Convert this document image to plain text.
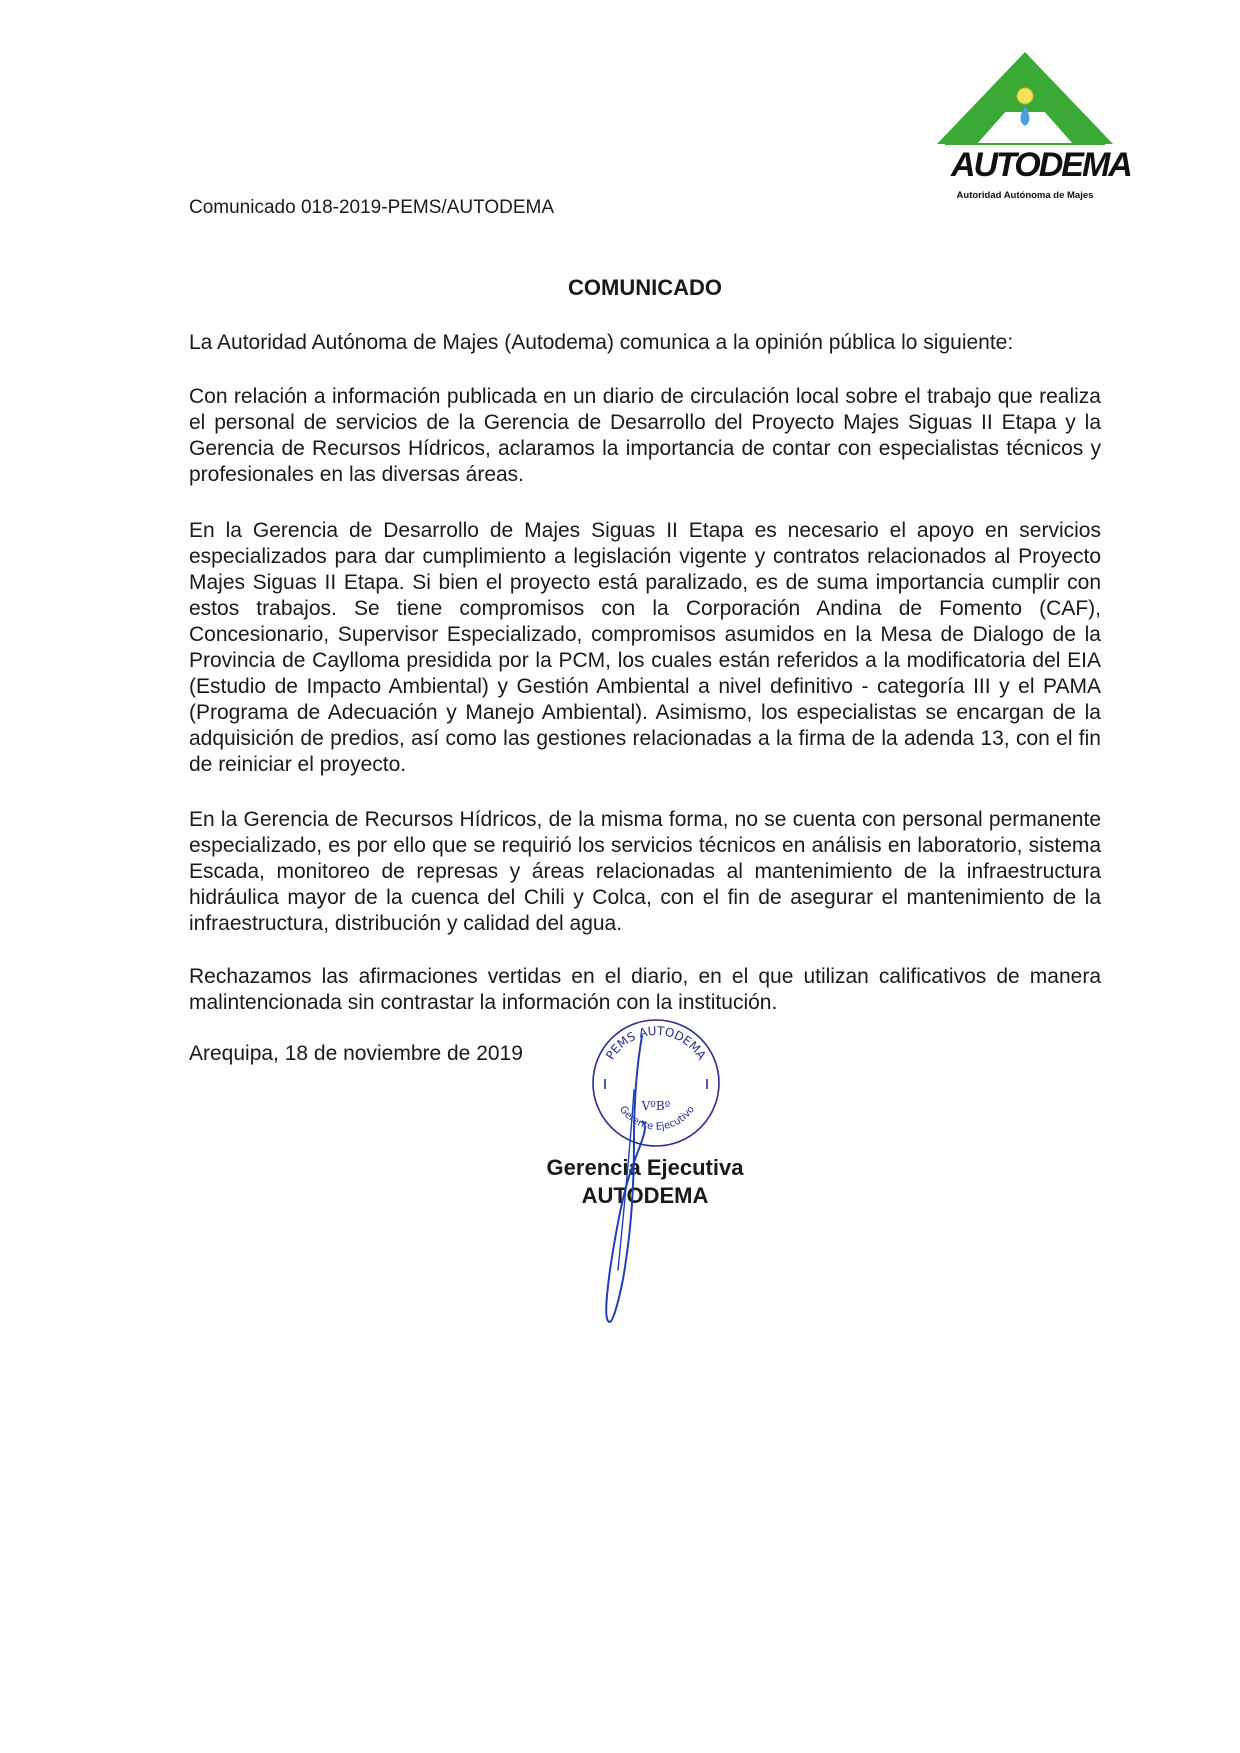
AUTODEMA
Autoridad Autónoma de Majes
Comunicado 018-2019-PEMS/AUTODEMA
COMUNICADO

La Autoridad Autónoma de Majes (Autodema) comunica a la opinión pública lo siguiente:

Con relación a información publicada en un diario de circulación local sobre el trabajo que realiza el personal de servicios de la Gerencia de Desarrollo del Proyecto Majes Siguas II Etapa y la Gerencia de Recursos Hídricos, aclaramos la importancia de contar con especialistas técnicos y profesionales en las diversas áreas.

En la Gerencia de Desarrollo de Majes Siguas II Etapa es necesario el apoyo en servicios especializados para dar cumplimiento a legislación vigente y contratos relacionados al Proyecto Majes Siguas II Etapa. Si bien el proyecto está paralizado, es de suma importancia cumplir con estos trabajos. Se tiene compromisos con la Corporación Andina de Fomento (CAF), Concesionario, Supervisor Especializado, compromisos asumidos en la Mesa de Dialogo de la Provincia de Caylloma presidida por la PCM, los cuales están referidos a la modificatoria del EIA (Estudio de Impacto Ambiental) y Gestión Ambiental a nivel definitivo - categoría III y el PAMA (Programa de Adecuación y Manejo Ambiental). Asimismo, los especialistas se encargan de la adquisición de predios, así como las gestiones relacionadas a la firma de la adenda 13, con el fin de reiniciar el proyecto.

En la Gerencia de Recursos Hídricos, de la misma forma, no se cuenta con personal permanente especializado, es por ello que se requirió los servicios técnicos en análisis en laboratorio, sistema Escada, monitoreo de represas y áreas relacionadas al mantenimiento de la infraestructura hidráulica mayor de la cuenca del Chili y Colca, con el fin de asegurar el mantenimiento de la infraestructura, distribución y calidad del agua.

Rechazamos las afirmaciones vertidas en el diario, en el que utilizan calificativos de manera malintencionada sin contrastar la información con la institución.

Arequipa, 18 de noviembre de 2019	PEMS AUTODEMA
VºBº
Gerente Ejecutivo
Gerencia Ejecutiva
AUTODEMA
